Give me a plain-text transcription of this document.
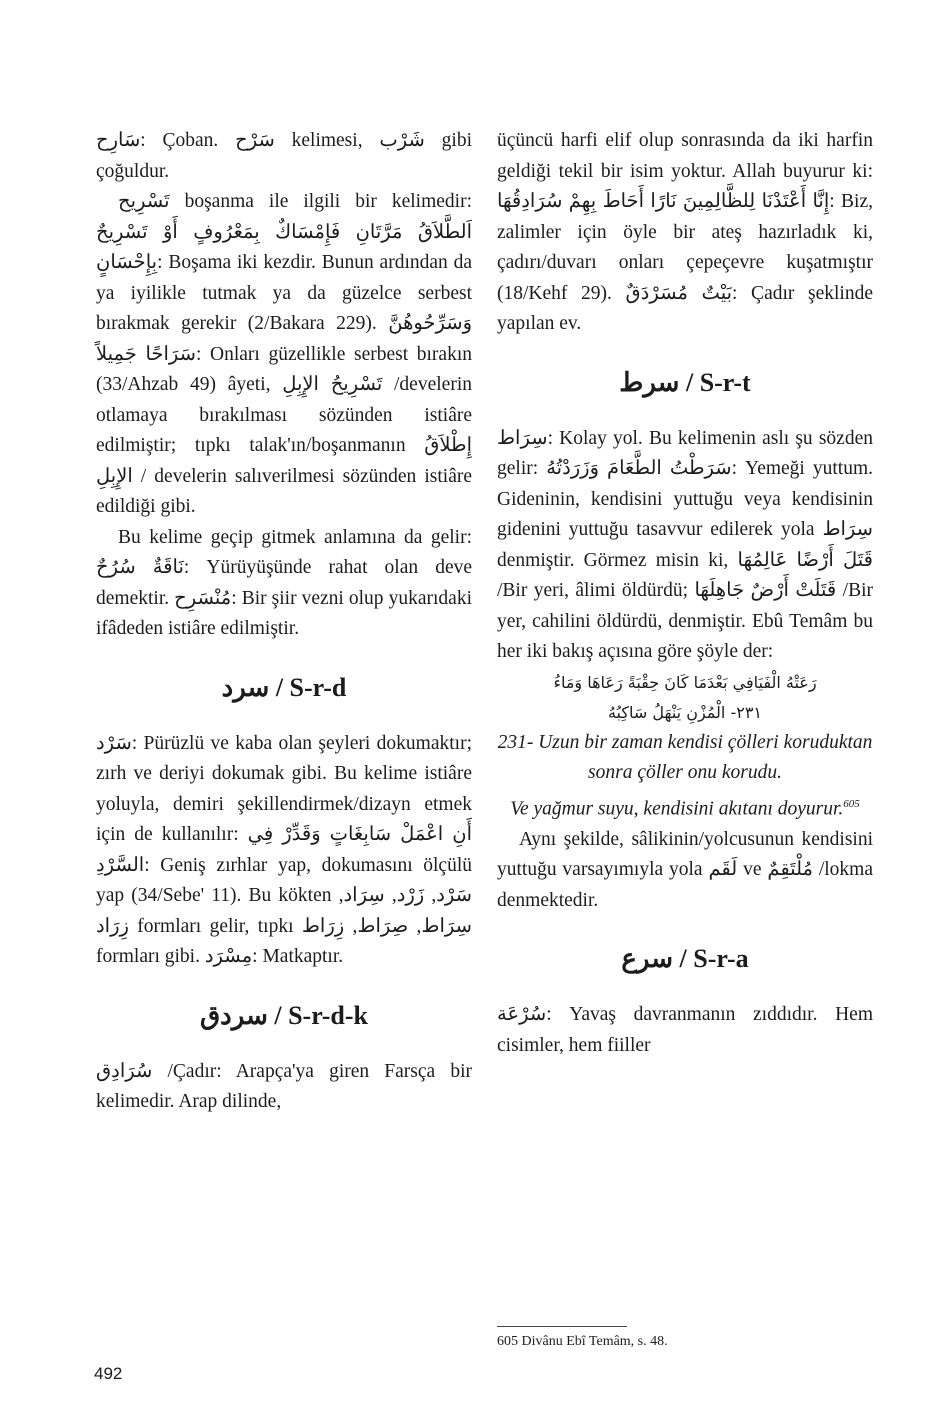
سَارِح: Çoban. سَرْح kelimesi, شَرْب gibi çoğuldur.

تَسْرِيح boşanma ile ilgili bir kelimedir: اَلطَّلاَقُ مَرَّتَانِ فَإِمْسَاكٌ بِمَعْرُوفٍ أَوْ تَسْرِيحٌ بِإِحْسَانٍ: Boşama iki kezdir. Bunun ardından da ya iyilikle tutmak ya da güzelce serbest bırakmak gerekir (2/Bakara 229). وَسَرِّحُوهُنَّ سَرَاحًا جَمِيلاً: Onları güzellikle serbest bırakın (33/Ahzab 49) âyeti, تَسْرِيحُ الإِبِلِ /develerin otlamaya bırakılması sözünden istiâre edilmiştir; tıpkı talak'ın/boşanmanın إِطْلاَقُ الإِبِلِ / develerin salıverilmesi sözünden istiâre edildiği gibi.

Bu kelime geçip gitmek anlamına da gelir: نَاقَةٌ سُرُحٌ: Yürüyüşünde rahat olan deve demektir. مُنْسَرِح: Bir şiir vezni olup yukarıdaki ifâdeden istiâre edilmiştir.

سرد / S-r-d

سَرْد: Pürüzlü ve kaba olan şeyleri dokumaktır; zırh ve deriyi dokumak gibi. Bu kelime istiâre yoluyla, demiri şekillendirmek/dizayn etmek için de kullanılır: أَنِ اعْمَلْ سَابِغَاتٍ وَقَدِّرْ فِي السَّرْدِ: Geniş zırhlar yap, dokumasını ölçülü yap (34/Sebe' 11). Bu kökten سَرْد, زَرْد, سِرَاد, زِرَاد formları gelir, tıpkı سِرَاط, صِرَاط, زِرَاط formları gibi. مِسْرَد: Matkaptır.

سردق / S-r-d-k

سُرَادِق /Çadır: Arapça'ya giren Farsça bir kelimedir. Arap dilinde,

üçüncü harfi elif olup sonrasında da iki harfin geldiği tekil bir isim yoktur. Allah buyurur ki: إِنَّا أَعْتَدْنَا لِلظَّالِمِينَ نَارًا أَحَاطَ بِهِمْ سُرَادِقُهَا: Biz, zalimler için öyle bir ateş hazırladık ki, çadırı/duvarı onları çepeçevre kuşatmıştır (18/Kehf 29). بَيْتٌ مُسَرْدَقٌ: Çadır şeklinde yapılan ev.

سرط / S-r-t

سِرَاط: Kolay yol. Bu kelimenin aslı şu sözden gelir: سَرَطْتُ الطَّعَامَ وَزَرَدْتُهُ: Yemeği yuttum. Gideninin, kendisini yuttuğu veya kendisinin gidenini yuttuğu tasavvur edilerek yola سِرَاط denmiştir. Görmez misin ki, قَتَلَ أَرْضًا عَالِمُهَا /Bir yeri, âlimi öldürdü; قَتَلَتْ أَرْضٌ جَاهِلَهَا /Bir yer, cahilini öldürdü, denmiştir. Ebû Temâm bu her iki bakış açısına göre şöyle der:

رَعَتْهُ الْفَيَافِي بَعْدَمَا كَانَ حِقْبَةً رَعَاهَا وَمَاءُ
٢٣١- الْمُزْنِ يَنْهَلُ سَاكِبُهُ
231- Uzun bir zaman kendisi çölleri koruduktan sonra çöller onu korudu.
Ve yağmur suyu, kendisini akıtanı doyurur.$^{605}$

Aynı şekilde, sâlikinin/yolcusunun kendisini yuttuğu varsayımıyla yola لَقَم ve مُلْتَقِمٌ /lokma denmektedir.

سرع / S-r-a

سُرْعَة: Yavaş davranmanın zıddıdır. Hem cisimler, hem fiiller

605 Divânu Ebî Temâm, s. 48.
492
